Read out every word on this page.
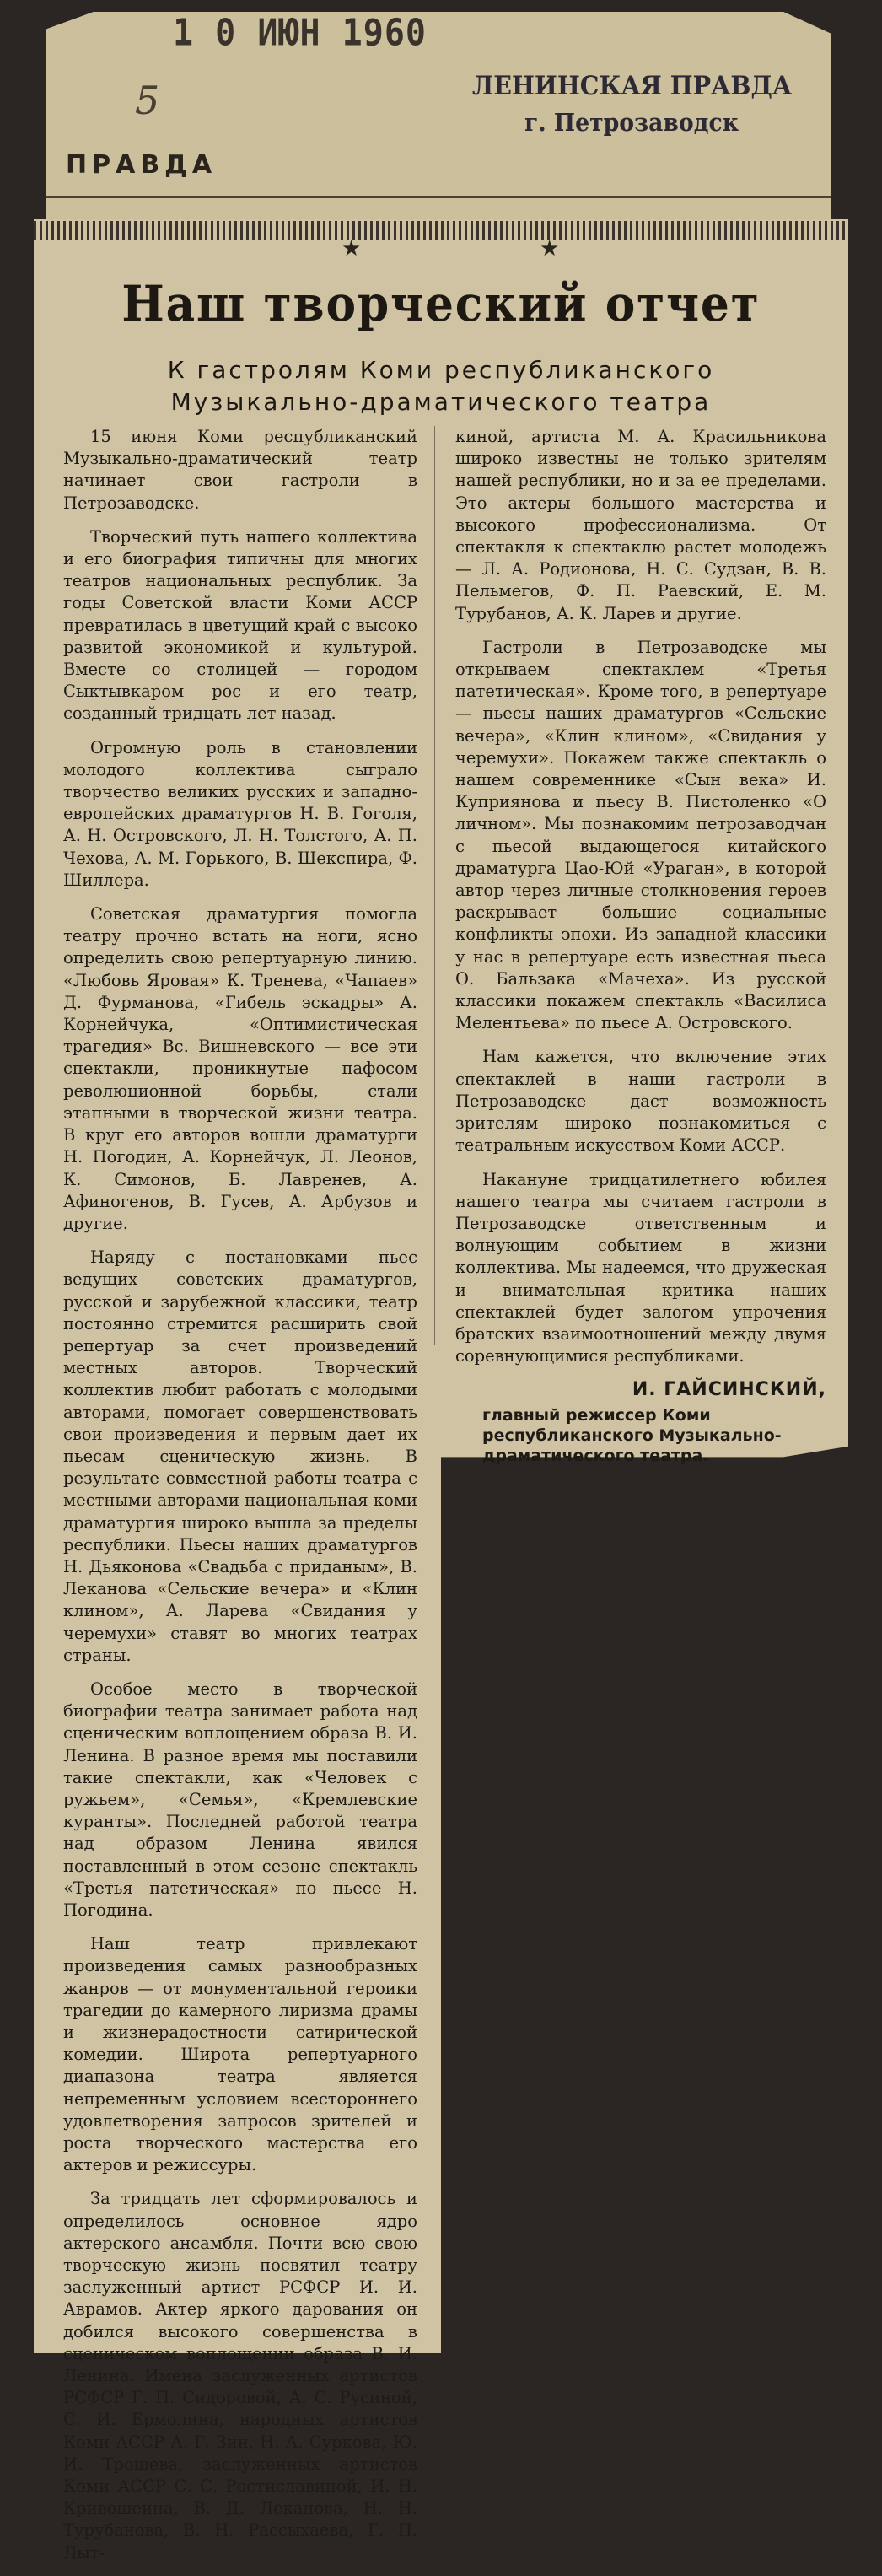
1 0 ИЮН 1960
5	ЛЕНИНСКАЯ ПРАВДА
г. Петрозаводск
ПРАВДА
★	★
Наш творческий отчет
К гастролям Коми республиканского
Музыкально-драматического театра

15 июня Коми республиканский Музыкально-драматический театр начинает свои гастроли в Петрозаводске.

Творческий путь нашего коллектива и его биография типичны для многих театров национальных республик. За годы Советской власти Коми АССР превратилась в цветущий край с высоко развитой экономикой и культурой. Вместе со столицей — городом Сыктывкаром рос и его театр, созданный тридцать лет назад.

Огромную роль в становлении молодого коллектива сыграло творчество великих русских и западно-европейских драматургов Н. В. Гоголя, А. Н. Островского, Л. Н. Толстого, А. П. Чехова, А. М. Горького, В. Шекспира, Ф. Шиллера.

Советская драматургия помогла театру прочно встать на ноги, ясно определить свою репертуарную линию. «Любовь Яровая» К. Тренева, «Чапаев» Д. Фурманова, «Гибель эскадры» А. Корнейчука, «Оптимистическая трагедия» Вс. Вишневского — все эти спектакли, проникнутые пафосом революционной борьбы, стали этапными в творческой жизни театра. В круг его авторов вошли драматурги Н. Погодин, А. Корнейчук, Л. Леонов, К. Симонов, Б. Лавренев, А. Афиногенов, В. Гусев, А. Арбузов и другие.

Наряду с постановками пьес ведущих советских драматургов, русской и зарубежной классики, театр постоянно стремится расширить свой репертуар за счет произведений местных авторов. Творческий коллектив любит работать с молодыми авторами, помогает совершенствовать свои произведения и первым дает их пьесам сценическую жизнь. В результате совместной работы театра с местными авторами национальная коми драматургия широко вышла за пределы республики. Пьесы наших драматургов Н. Дьяконова «Свадьба с приданым», В. Леканова «Сельские вечера» и «Клин клином», А. Ларева «Свидания у черемухи» ставят во многих театрах страны.

Особое место в творческой биографии театра занимает работа над сценическим воплощением образа В. И. Ленина. В разное время мы поставили такие спектакли, как «Человек с ружьем», «Семья», «Кремлевские куранты». Последней работой театра над образом Ленина явился поставленный в этом сезоне спектакль «Третья патетическая» по пьесе Н. Погодина.

Наш театр привлекают произведения самых разнообразных жанров — от монументальной героики трагедии до камерного лиризма драмы и жизнерадостности сатирической комедии. Широта репертуарного диапазона театра является непременным условием всестороннего удовлетворения запросов зрителей и роста творческого мастерства его актеров и режиссуры.

За тридцать лет сформировалось и определилось основное ядро актерского ансамбля. Почти всю свою творческую жизнь посвятил театру заслуженный артист РСФСР И. И. Аврамов. Актер яркого дарования он добился высокого совершенства в сценическом воплощении образа В. И. Ленина. Имена заслуженных артистов РСФСР Г. П. Сидоровой, А. С. Русиной, С. И. Ермолина, народных артистов Коми АССР А. Г. Зин, Н. А. Суркова, Ю. И. Трошева, заслуженных артистов Коми АССР С. С. Ростиславиной, И. Н. Кривошеина, В. Д. Леканова, Н. Н. Турубанова, В. Н. Рассыхаева, Г. П. Лыт-

киной, артиста М. А. Красильникова широко известны не только зрителям нашей республики, но и за ее пределами. Это актеры большого мастерства и высокого профессионализма. От спектакля к спектаклю растет молодежь — Л. А. Родионова, Н. С. Судзан, В. В. Пельмегов, Ф. П. Раевский, Е. М. Турубанов, А. К. Ларев и другие.

Гастроли в Петрозаводске мы открываем спектаклем «Третья патетическая». Кроме того, в репертуаре — пьесы наших драматургов «Сельские вечера», «Клин клином», «Свидания у черемухи». Покажем также спектакль о нашем современнике «Сын века» И. Куприянова и пьесу В. Пистоленко «О личном». Мы познакомим петрозаводчан с пьесой выдающегося китайского драматурга Цао-Юй «Ураган», в которой автор через личные столкновения героев раскрывает большие социальные конфликты эпохи. Из западной классики у нас в репертуаре есть известная пьеса О. Бальзака «Мачеха». Из русской классики покажем спектакль «Василиса Мелентьева» по пьесе А. Островского.

Нам кажется, что включение этих спектаклей в наши гастроли в Петрозаводске даст возможность зрителям широко познакомиться с театральным искусством Коми АССР.

Накануне тридцатилетнего юбилея нашего театра мы считаем гастроли в Петрозаводске ответственным и волнующим событием в жизни коллектива. Мы надеемся, что дружеская и внимательная критика наших спектаклей будет залогом упрочения братских взаимоотношений между двумя соревнующимися республиками.

И. ГАЙСИНСКИЙ,
главный режиссер Коми республиканского Музыкально-драматического театра.
